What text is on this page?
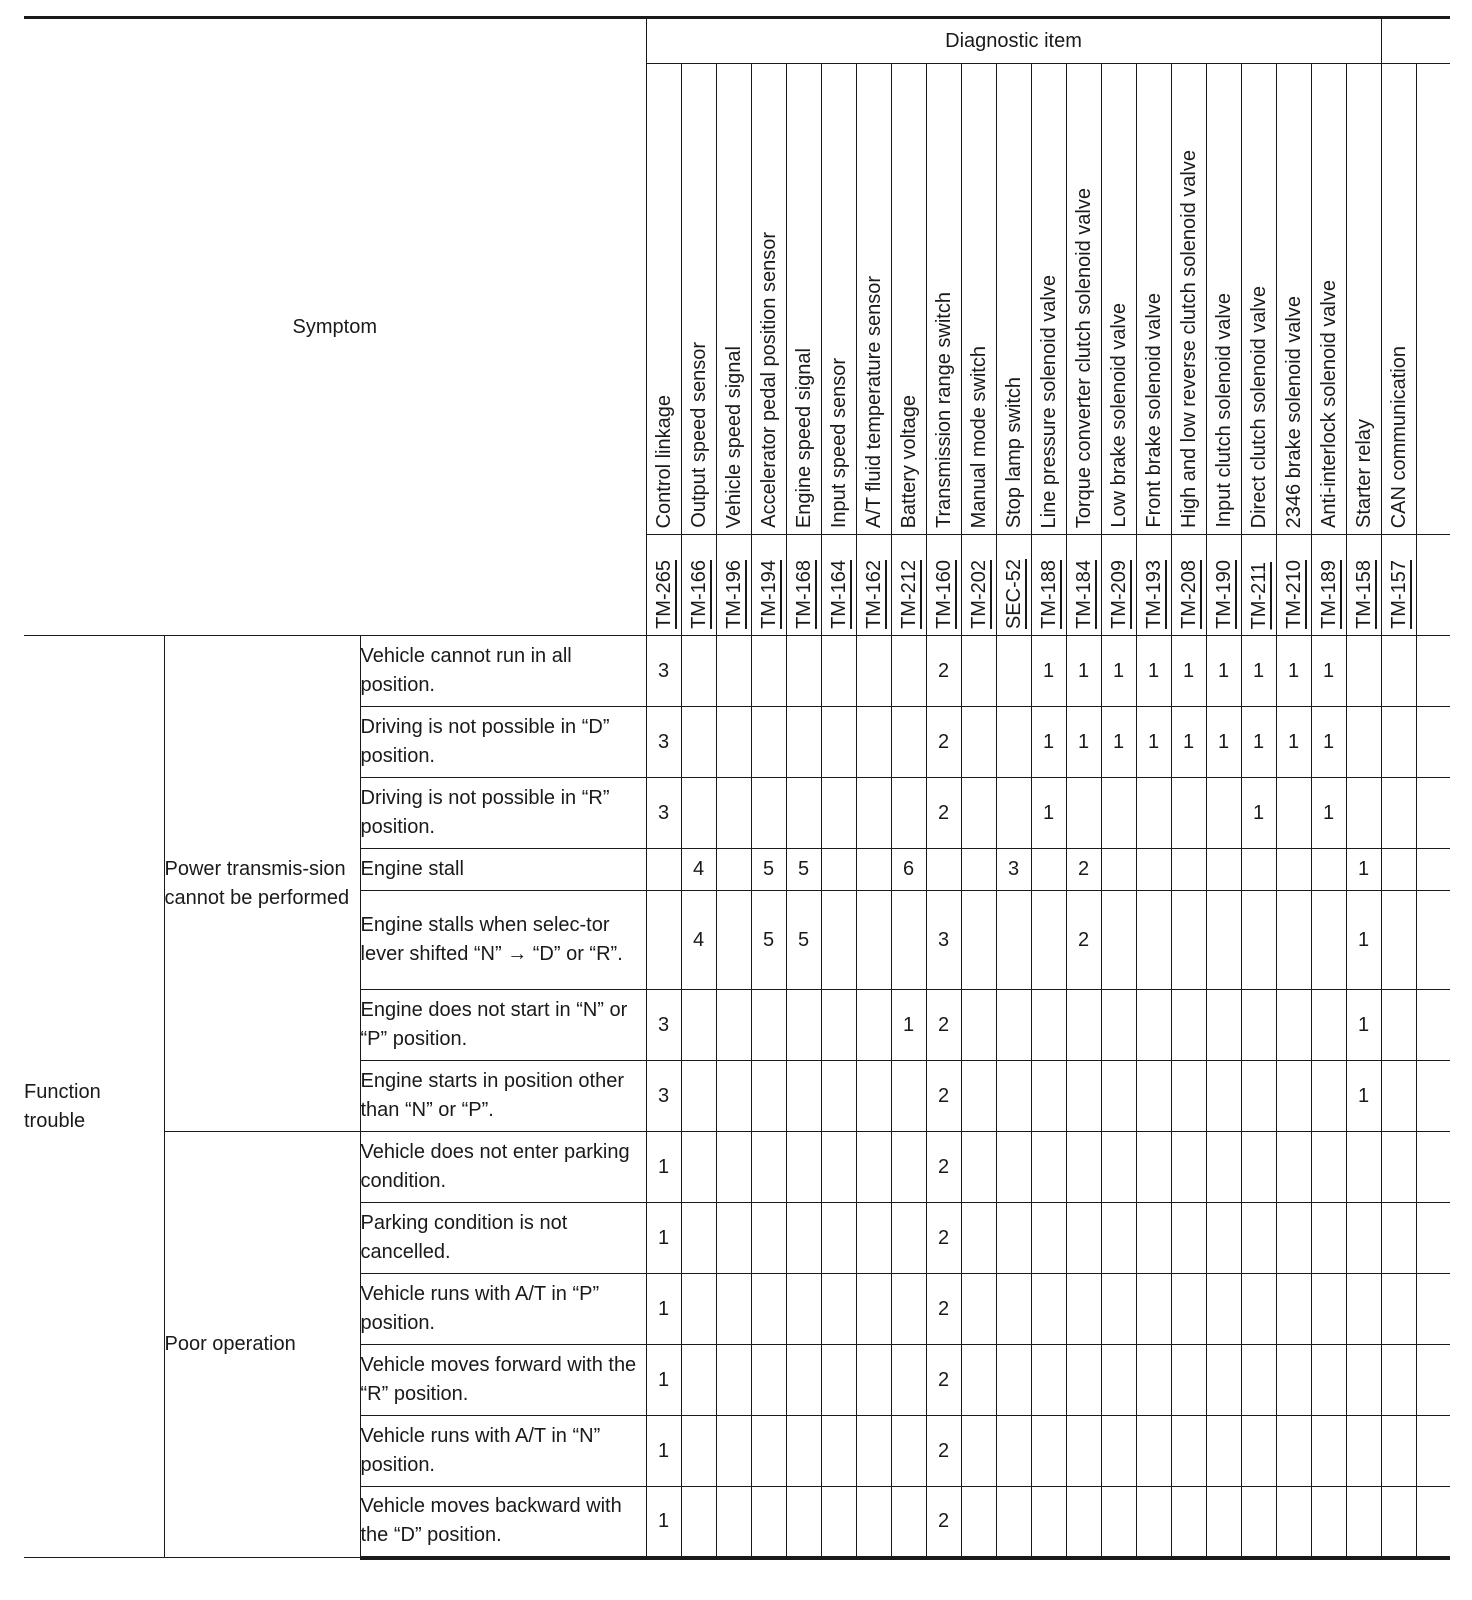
Symptom			Diagnostic item																						
			Control linkage	Output speed sensor	Vehicle speed signal	Accelerator pedal position sensor	Engine speed signal	Input speed sensor	A/T fluid temperature sensor	Battery voltage	Transmission range switch	Manual mode switch	Stop lamp switch	Line pressure solenoid valve	Torque converter clutch solenoid valve	Low brake solenoid valve	Front brake solenoid valve	High and low reverse clutch solenoid valve	Input clutch solenoid valve	Direct clutch solenoid valve	2346 brake solenoid valve	Anti-interlock solenoid valve	Starter relay	CAN communication	
			TM-265	TM-166	TM-196	TM-194	TM-168	TM-164	TM-162	TM-212	TM-160	TM-202	SEC-52	TM-188	TM-184	TM-209	TM-193	TM-208	TM-190	TM-211	TM-210	TM-189	TM-158	TM-157	
Function trouble	Power transmis-sion cannot be performed	Vehicle cannot run in all position.	3								2			1	1	1	1	1	1	1	1	1			
		Driving is not possible in “D” position.	3								2			1	1	1	1	1	1	1	1	1			
		Driving is not possible in “R” position.	3								2			1						1		1			
		Engine stall		4		5	5			6			3		2								1		
		Engine stalls when selec-tor lever shifted “N” → “D” or “R”.		4		5	5				3				2								1		
		Engine does not start in “N” or “P” position.	3							1	2												1		
		Engine starts in position other than “N” or “P”.	3								2												1		
	Poor operation	Vehicle does not enter parking condition.	1								2														
		Parking condition is not cancelled.	1								2														
		Vehicle runs with A/T in “P” position.	1								2														
		Vehicle moves forward with the “R” position.	1								2														
		Vehicle runs with A/T in “N” position.	1								2														
		Vehicle moves backward with the “D” position.	1								2														
